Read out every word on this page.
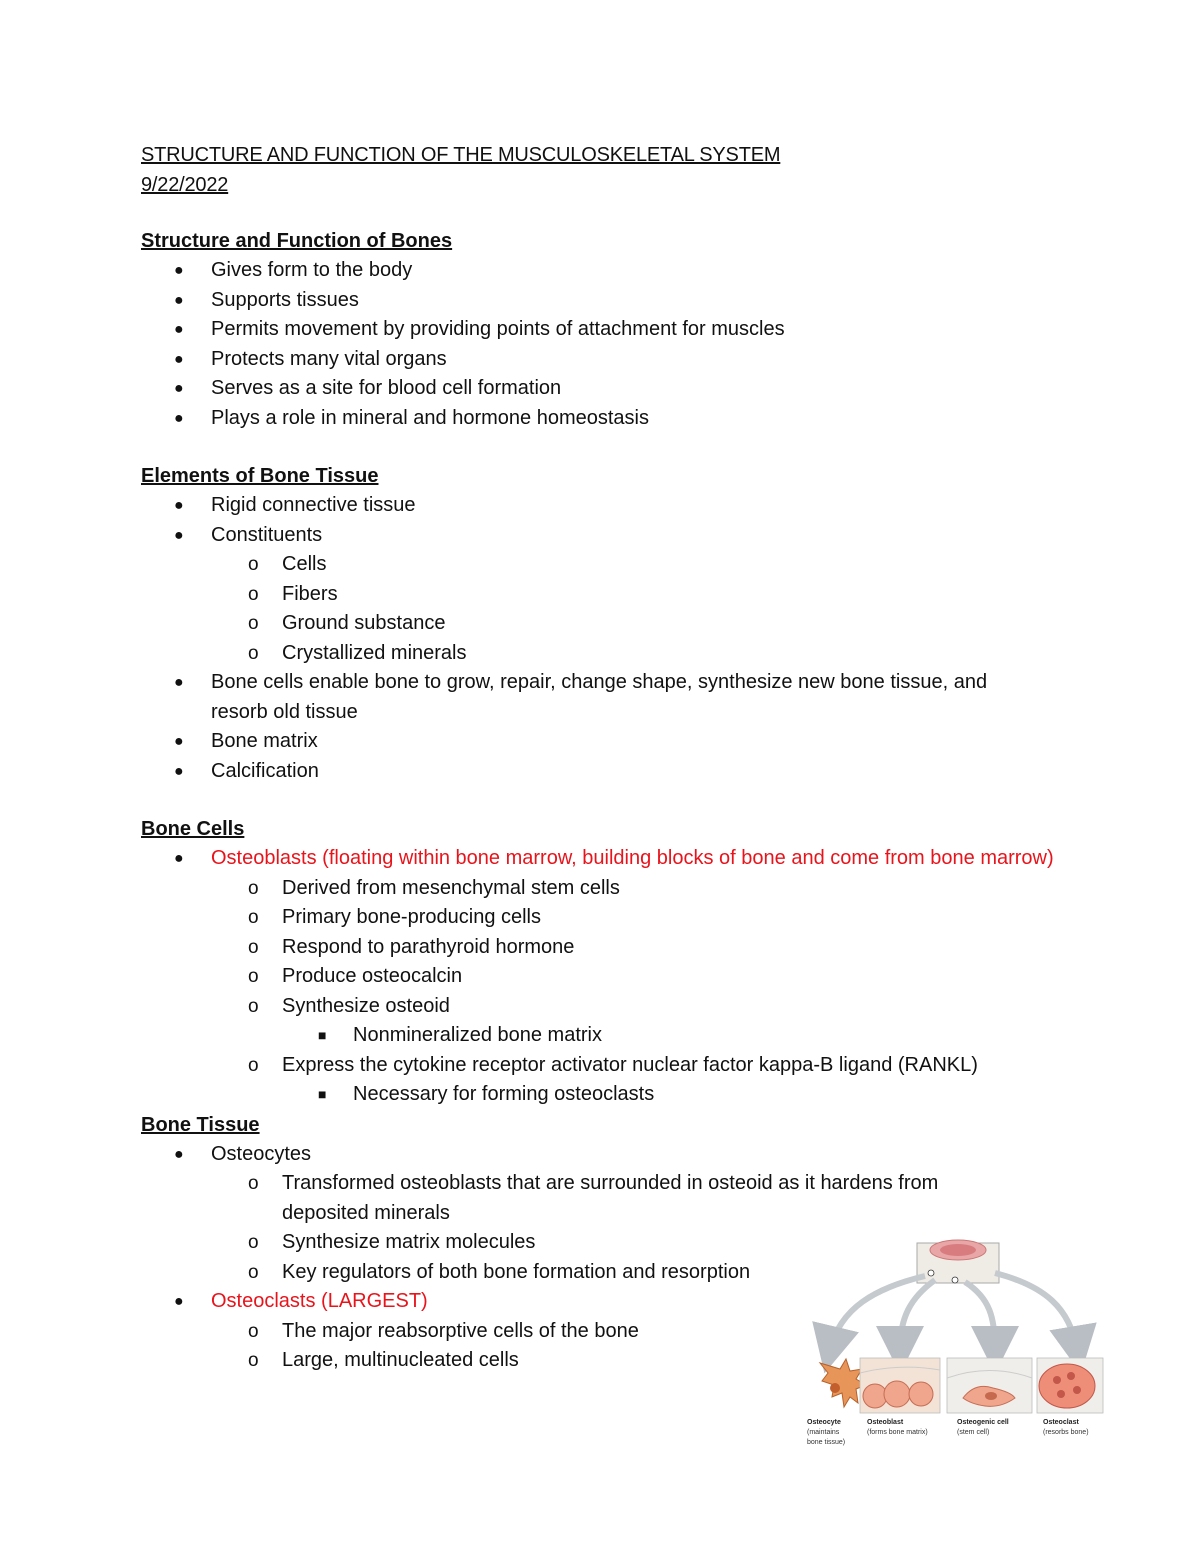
STRUCTURE AND FUNCTION OF THE MUSCULOSKELETAL SYSTEM
9/22/2022
Structure and Function of Bones
● Gives form to the body
● Supports tissues
● Permits movement by providing points of attachment for muscles
● Protects many vital organs
● Serves as a site for blood cell formation
● Plays a role in mineral and hormone homeostasis
Elements of Bone Tissue
● Rigid connective tissue
● Constituents
o Cells
o Fibers
o Ground substance
o Crystallized minerals
● Bone cells enable bone to grow, repair, change shape, synthesize new bone tissue, and resorb old tissue
● Bone matrix
● Calcification
Bone Cells
● Osteoblasts (floating within bone marrow, building blocks of bone and come from bone marrow)
o Derived from mesenchymal stem cells
o Primary bone-producing cells
o Respond to parathyroid hormone
o Produce osteocalcin
o Synthesize osteoid
■ Nonmineralized bone matrix
o Express the cytokine receptor activator nuclear factor kappa-B ligand (RANKL)
■ Necessary for forming osteoclasts
Bone Tissue
● Osteocytes
o Transformed osteoblasts that are surrounded in osteoid as it hardens from deposited minerals
o Synthesize matrix molecules
o Key regulators of both bone formation and resorption
● Osteoclasts (LARGEST)
o The major reabsorptive cells of the bone
o Large, multinucleated cells
Osteocyte
(maintains
bone tissue)
Osteoblast
(forms bone matrix)
Osteogenic cell
(stem cell)
Osteoclast
(resorbs bone)
